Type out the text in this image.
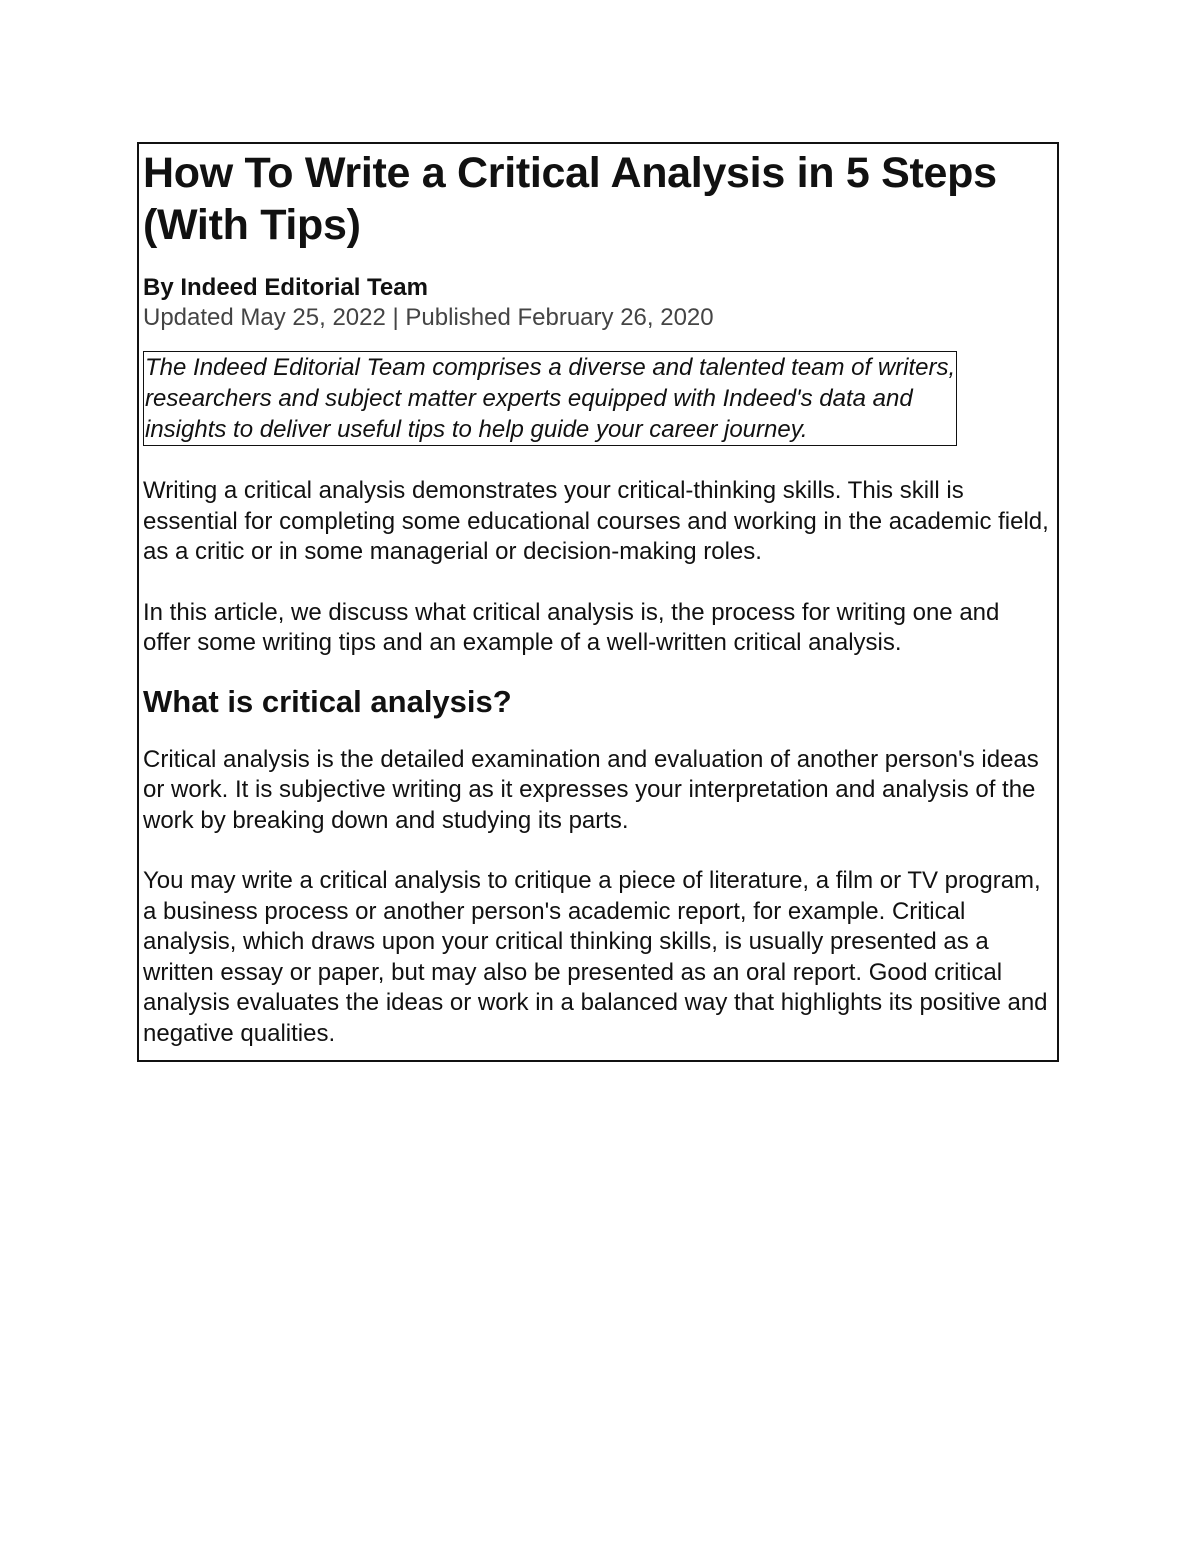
How To Write a Critical Analysis in 5 Steps (With Tips)

By Indeed Editorial Team

Updated May 25, 2022 | Published February 26, 2020

The Indeed Editorial Team comprises a diverse and talented team of writers,
researchers and subject matter experts equipped with Indeed's data and
insights to deliver useful tips to help guide your career journey.

Writing a critical analysis demonstrates your critical-thinking skills. This skill is essential for completing some educational courses and working in the academic field, as a critic or in some managerial or decision-making roles.

In this article, we discuss what critical analysis is, the process for writing one and offer some writing tips and an example of a well-written critical analysis.

What is critical analysis?

Critical analysis is the detailed examination and evaluation of another person's ideas or work. It is subjective writing as it expresses your interpretation and analysis of the work by breaking down and studying its parts.

You may write a critical analysis to critique a piece of literature, a film or TV program, a business process or another person's academic report, for example. Critical analysis, which draws upon your critical thinking skills, is usually presented as a written essay or paper, but may also be presented as an oral report. Good critical analysis evaluates the ideas or work in a balanced way that highlights its positive and negative qualities.
